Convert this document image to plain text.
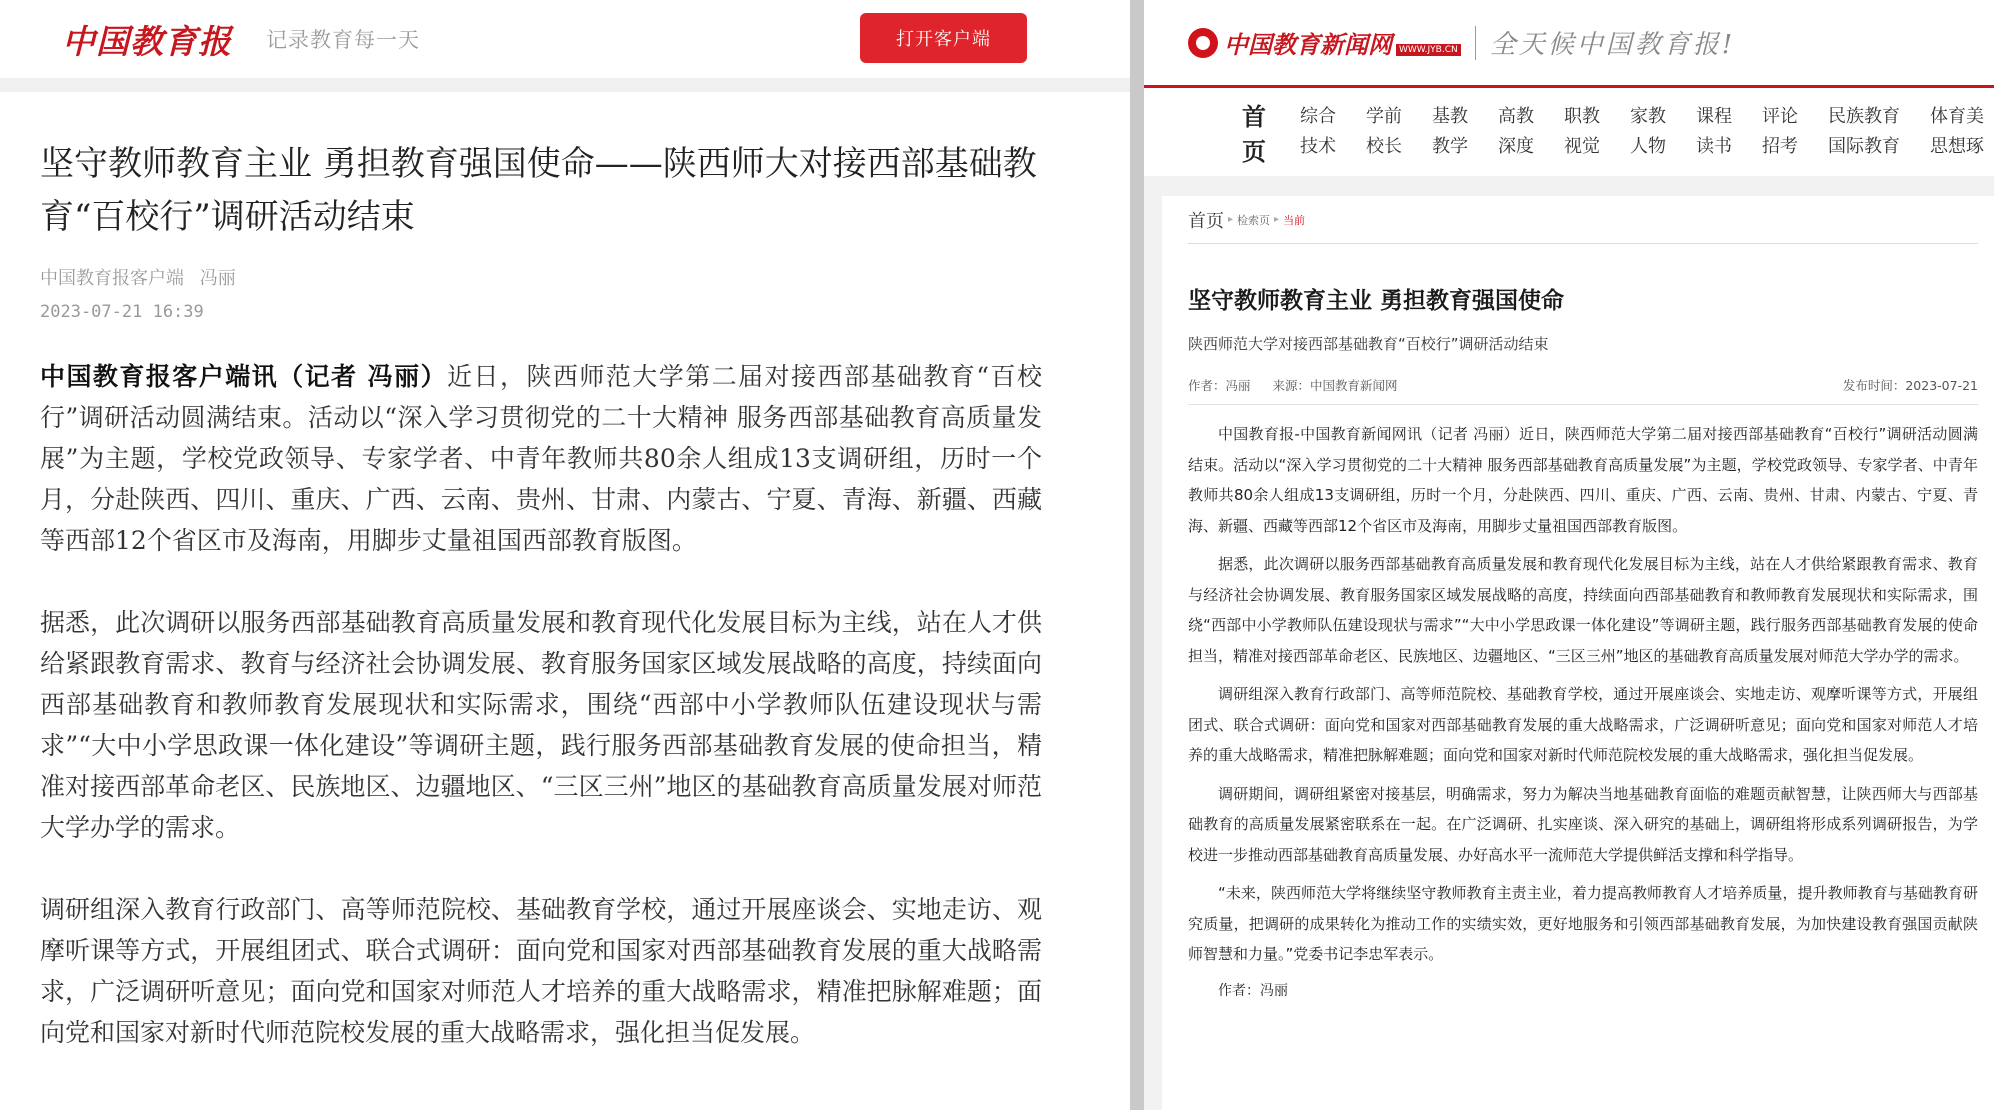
中国教育报 记录教育每一天	打开客户端
坚守教师教育主业 勇担教育强国使命——陕西师大对接西部基础教育“百校行”调研活动结束
中国教育报客户端 冯丽
2023-07-21 16:39

中国教育报客户端讯（记者 冯丽）近日，陕西师范大学第二届对接西部基础教育“百校行”调研活动圆满结束。活动以“深入学习贯彻党的二十大精神 服务西部基础教育高质量发展”为主题，学校党政领导、专家学者、中青年教师共80余人组成13支调研组，历时一个月，分赴陕西、四川、重庆、广西、云南、贵州、甘肃、内蒙古、宁夏、青海、新疆、西藏等西部12个省区市及海南，用脚步丈量祖国西部教育版图。

据悉，此次调研以服务西部基础教育高质量发展和教育现代化发展目标为主线，站在人才供给紧跟教育需求、教育与经济社会协调发展、教育服务国家区域发展战略的高度，持续面向西部基础教育和教师教育发展现状和实际需求，围绕“西部中小学教师队伍建设现状与需求”“大中小学思政课一体化建设”等调研主题，践行服务西部基础教育发展的使命担当，精准对接西部革命老区、民族地区、边疆地区、“三区三州”地区的基础教育高质量发展对师范大学办学的需求。

调研组深入教育行政部门、高等师范院校、基础教育学校，通过开展座谈会、实地走访、观摩听课等方式，开展组团式、联合式调研：面向党和国家对西部基础教育发展的重大战略需求，广泛调研听意见；面向党和国家对师范人才培养的重大战略需求，精准把脉解难题；面向党和国家对新时代师范院校发展的重大战略需求，强化担当促发展。

中国教育新闻网 WWW.JYB.CN 全天候中国教育报!
首页
综合
技术
学前
校长
基教
教学
高教
深度
职教
视觉
家教
人物
课程
读书
评论
招考
民族教育
国际教育
体育美
思想琢
首页 ▸ 检索页 ▸ 当前
坚守教师教育主业 勇担教育强国使命
陕西师范大学对接西部基础教育“百校行”调研活动结束
作者：冯丽 来源：中国教育新闻网	发布时间：2023-07-21

中国教育报-中国教育新闻网讯（记者 冯丽）近日，陕西师范大学第二届对接西部基础教育“百校行”调研活动圆满结束。活动以“深入学习贯彻党的二十大精神 服务西部基础教育高质量发展”为主题，学校党政领导、专家学者、中青年教师共80余人组成13支调研组，历时一个月，分赴陕西、四川、重庆、广西、云南、贵州、甘肃、内蒙古、宁夏、青海、新疆、西藏等西部12个省区市及海南，用脚步丈量祖国西部教育版图。

据悉，此次调研以服务西部基础教育高质量发展和教育现代化发展目标为主线，站在人才供给紧跟教育需求、教育与经济社会协调发展、教育服务国家区域发展战略的高度，持续面向西部基础教育和教师教育发展现状和实际需求，围绕“西部中小学教师队伍建设现状与需求”“大中小学思政课一体化建设”等调研主题，践行服务西部基础教育发展的使命担当，精准对接西部革命老区、民族地区、边疆地区、“三区三州”地区的基础教育高质量发展对师范大学办学的需求。

调研组深入教育行政部门、高等师范院校、基础教育学校，通过开展座谈会、实地走访、观摩听课等方式，开展组团式、联合式调研：面向党和国家对西部基础教育发展的重大战略需求，广泛调研听意见；面向党和国家对师范人才培养的重大战略需求，精准把脉解难题；面向党和国家对新时代师范院校发展的重大战略需求，强化担当促发展。

调研期间，调研组紧密对接基层，明确需求，努力为解决当地基础教育面临的难题贡献智慧，让陕西师大与西部基础教育的高质量发展紧密联系在一起。在广泛调研、扎实座谈、深入研究的基础上，调研组将形成系列调研报告，为学校进一步推动西部基础教育高质量发展、办好高水平一流师范大学提供鲜活支撑和科学指导。

“未来，陕西师范大学将继续坚守教师教育主责主业，着力提高教师教育人才培养质量，提升教师教育与基础教育研究质量，把调研的成果转化为推动工作的实绩实效，更好地服务和引领西部基础教育发展，为加快建设教育强国贡献陕师智慧和力量。”党委书记李忠军表示。

作者：冯丽
